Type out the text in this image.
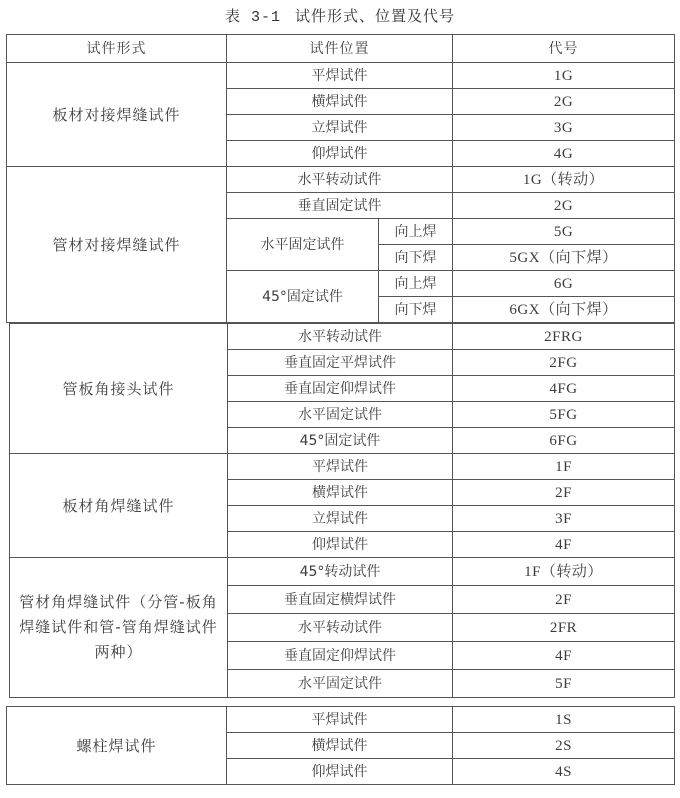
表 3-1 试件形式、位置及代号
试件形式	试件位置		代号
板材对接焊缝试件	平焊试件		1G
	横焊试件		2G
	立焊试件		3G
	仰焊试件		4G
管材对接焊缝试件	水平转动试件		1G（转动）
	垂直固定试件		2G
	水平固定试件	向上焊	5G
		向下焊	5GX（向下焊）
	45°固定试件	向上焊	6G
		向下焊	6GX（向下焊）
管板角接头试件	水平转动试件	2FRG
	垂直固定平焊试件	2FG
	垂直固定仰焊试件	4FG
	水平固定试件	5FG
	45°固定试件	6FG
板材角焊缝试件	平焊试件	1F
	横焊试件	2F
	立焊试件	3F
	仰焊试件	4F
管材角焊缝试件（分管-板角焊缝试件和管-管角焊缝试件两种）	45°转动试件	1F（转动）
	垂直固定横焊试件	2F
	水平转动试件	2FR
	垂直固定仰焊试件	4F
	水平固定试件	5F
螺柱焊试件	平焊试件	1S
	横焊试件	2S
	仰焊试件	4S
